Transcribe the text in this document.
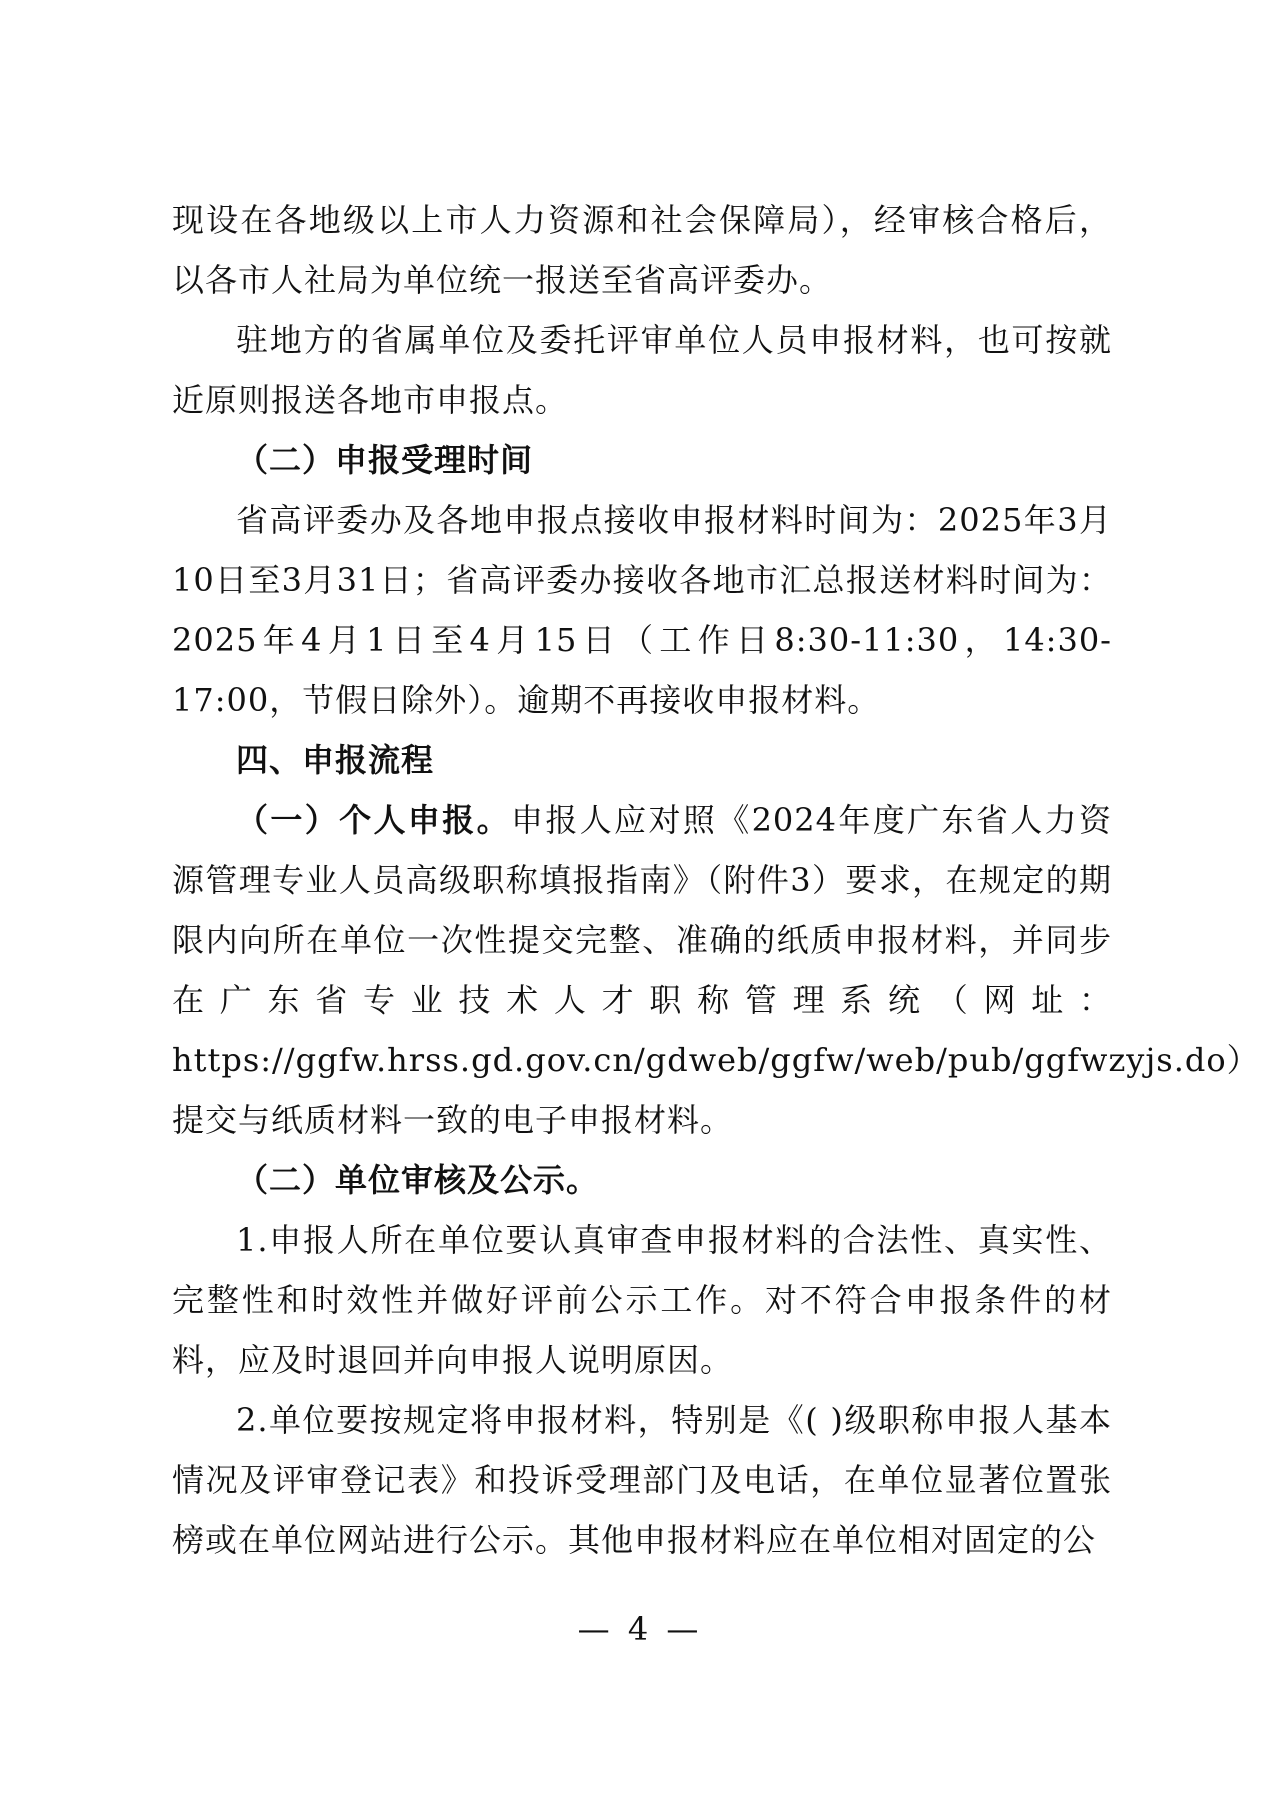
现设在各地级以上市人力资源和社会保障局），经审核合格后，以各市人社局为单位统一报送至省高评委办。

驻地方的省属单位及委托评审单位人员申报材料，也可按就近原则报送各地市申报点。

（二）申报受理时间

省高评委办及各地申报点接收申报材料时间为：2025年3月10日至3月31日；省高评委办接收各地市汇总报送材料时间为：2025年4月1日至4月15日（工作日8:30-11:30，14:30-17:00，节假日除外）。逾期不再接收申报材料。

四、申报流程

（一）个人申报。申报人应对照《2024年度广东省人力资源管理专业人员高级职称填报指南》（附件3）要求，在规定的期限内向所在单位一次性提交完整、准确的纸质申报材料，并同步在广东省专业技术人才职称管理系统（网址：https://ggfw.hrss.gd.gov.cn/gdweb/ggfw/web/pub/ggfwzyjs.do）提交与纸质材料一致的电子申报材料。

（二）单位审核及公示。

1.申报人所在单位要认真审查申报材料的合法性、真实性、完整性和时效性并做好评前公示工作。对不符合申报条件的材料，应及时退回并向申报人说明原因。

2.单位要按规定将申报材料，特别是《( )级职称申报人基本情况及评审登记表》和投诉受理部门及电话，在单位显著位置张榜或在单位网站进行公示。其他申报材料应在单位相对固定的公

— 4 —
